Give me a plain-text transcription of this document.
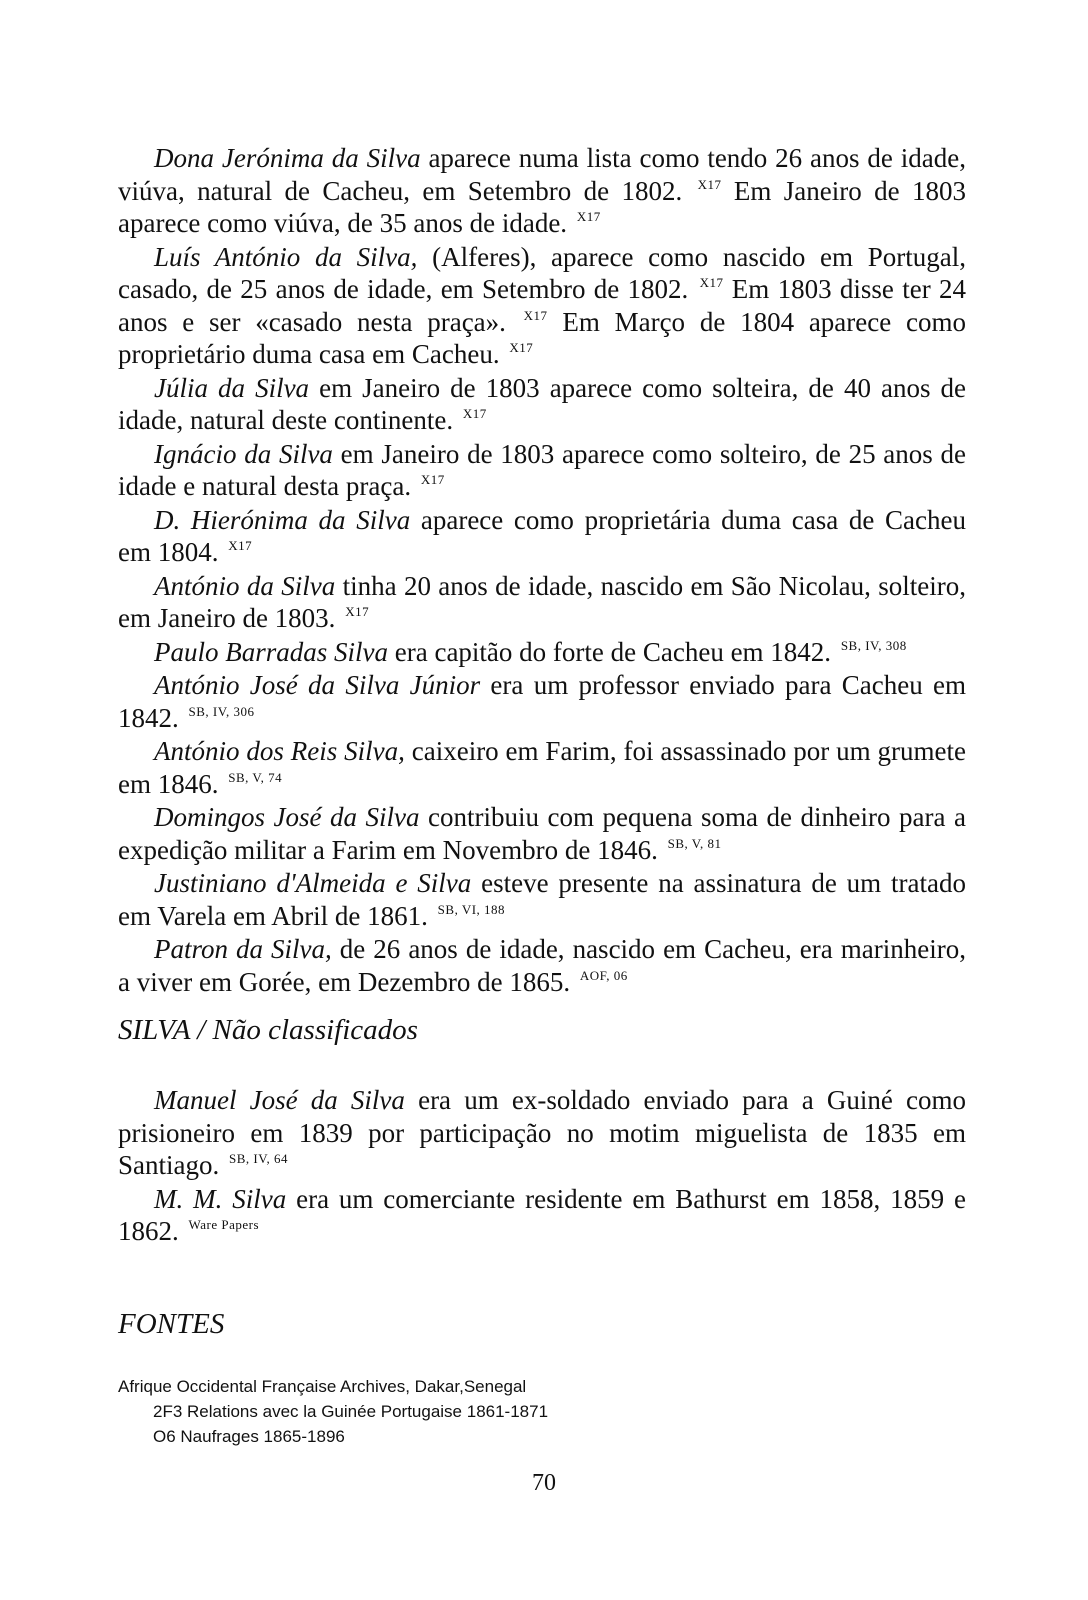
Dona Jerónima da Silva aparece numa lista como tendo 26 anos de idade, viúva, natural de Cacheu, em Setembro de 1802. $^{X17}$ Em Janeiro de 1803 aparece como viúva, de 35 anos de idade. $^{X17}$

Luís António da Silva, (Alferes), aparece como nascido em Portugal, casado, de 25 anos de idade, em Setembro de 1802. $^{X17}$ Em 1803 disse ter 24 anos e ser «casado nesta praça». $^{X17}$ Em Março de 1804 aparece como proprietário duma casa em Cacheu. $^{X17}$

Júlia da Silva em Janeiro de 1803 aparece como solteira, de 40 anos de idade, natural deste continente. $^{X17}$

Ignácio da Silva em Janeiro de 1803 aparece como solteiro, de 25 anos de idade e natural desta praça. $^{X17}$

D. Hierónima da Silva aparece como proprietária duma casa de Cacheu em 1804. $^{X17}$

António da Silva tinha 20 anos de idade, nascido em São Nicolau, solteiro, em Janeiro de 1803. $^{X17}$

Paulo Barradas Silva era capitão do forte de Cacheu em 1842. $^{SB, IV, 308}$

António José da Silva Júnior era um professor enviado para Cacheu em 1842. $^{SB, IV, 306}$

António dos Reis Silva, caixeiro em Farim, foi assassinado por um grumete em 1846. $^{SB, V, 74}$

Domingos José da Silva contribuiu com pequena soma de dinheiro para a expedição militar a Farim em Novembro de 1846. $^{SB, V, 81}$

Justiniano d'Almeida e Silva esteve presente na assinatura de um tratado em Varela em Abril de 1861. $^{SB, VI, 188}$

Patron da Silva, de 26 anos de idade, nascido em Cacheu, era marinheiro, a viver em Gorée, em Dezembro de 1865. $^{AOF, 06}$

SILVA / Não classificados

Manuel José da Silva era um ex-soldado enviado para a Guiné como prisioneiro em 1839 por participação no motim miguelista de 1835 em Santiago. $^{SB, IV, 64}$

M. M. Silva era um comerciante residente em Bathurst em 1858, 1859 e 1862. $^{Ware Papers}$

FONTES
Afrique Occidental Française Archives, Dakar,Senegal
2F3 Relations avec la Guinée Portugaise 1861-1871
O6 Naufrages 1865-1896
70
